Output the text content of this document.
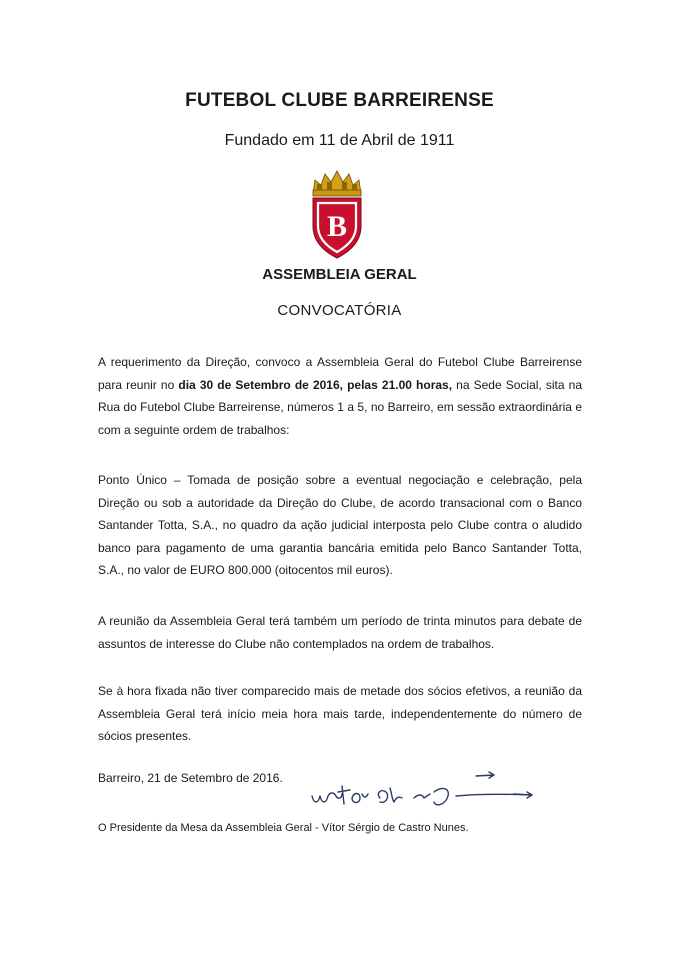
FUTEBOL CLUBE BARREIRENSE
Fundado em 11 de Abril de 1911
B
ASSEMBLEIA GERAL
CONVOCATÓRIA
A requerimento da Direção, convoco a Assembleia Geral do Futebol Clube Barreirense para reunir no dia 30 de Setembro de 2016, pelas 21.00 horas, na Sede Social, sita na Rua do Futebol Clube Barreirense, números 1 a 5, no Barreiro, em sessão extraordinária e com a seguinte ordem de trabalhos:
Ponto Único – Tomada de posição sobre a eventual negociação e celebração, pela Direção ou sob a autoridade da Direção do Clube, de acordo transacional com o Banco Santander Totta, S.A., no quadro da ação judicial interposta pelo Clube contra o aludido banco para pagamento de uma garantia bancária emitida pelo Banco Santander Totta, S.A., no valor de EURO 800.000 (oitocentos mil euros).
A reunião da Assembleia Geral terá também um período de trinta minutos para debate de assuntos de interesse do Clube não contemplados na ordem de trabalhos.
Se à hora fixada não tiver comparecido mais de metade dos sócios efetivos, a reunião da Assembleia Geral terá início meia hora mais tarde, independentemente do número de sócios presentes.
Barreiro, 21 de Setembro de 2016.
O Presidente da Mesa da Assembleia Geral - Vítor Sérgio de Castro Nunes.
